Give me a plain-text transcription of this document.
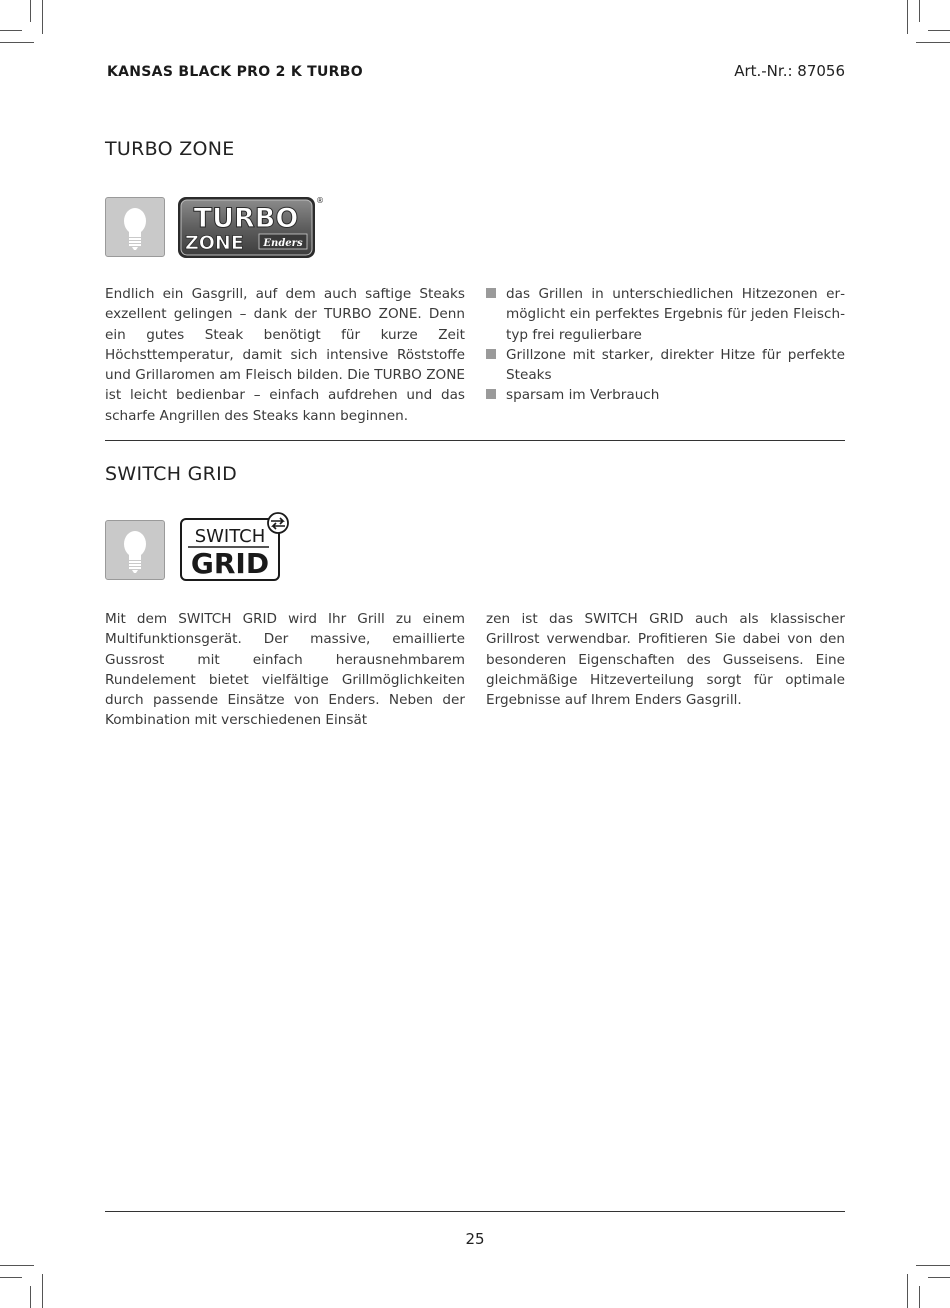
KANSAS BLACK PRO 2 K TURBO	Art.-Nr.: 87056
TURBO ZONE
TURBO
ZONE Enders
®
Endlich ein Gasgrill, auf dem auch saftige Steaks exzellent gelingen – dank der TURBO ZONE. Denn ein gutes Steak benötigt für kurze Zeit Höchsttemperatur, damit sich intensive Röststoffe und Grillaromen am Fleisch bilden. Die TURBO ZONE ist leicht bedienbar – einfach aufdrehen und das scharfe Angrillen des Steaks kann beginnen.
das Grillen in unterschiedlichen Hitzezonen ermöglicht ein perfektes Ergebnis für jeden Fleischtyp frei regulierbare
Grillzone mit starker, direkter Hitze für perfekte Steaks
sparsam im Verbrauch
SWITCH GRID
SWITCH
GRID
Mit dem SWITCH GRID wird Ihr Grill zu einem Multifunktionsgerät. Der massive, emaillierte Gussrost mit einfach herausnehmbarem Rundelement bietet vielfältige Grillmöglichkeiten durch passende Einsätze von Enders. Neben der Kombination mit verschiedenen Einsät
zen ist das SWITCH GRID auch als klassischer Grillrost verwendbar. Profitieren Sie dabei von den besonderen Eigenschaften des Gusseisens. Eine gleichmäßige Hitzeverteilung sorgt für optimale Ergebnisse auf Ihrem Enders Gasgrill.
25
